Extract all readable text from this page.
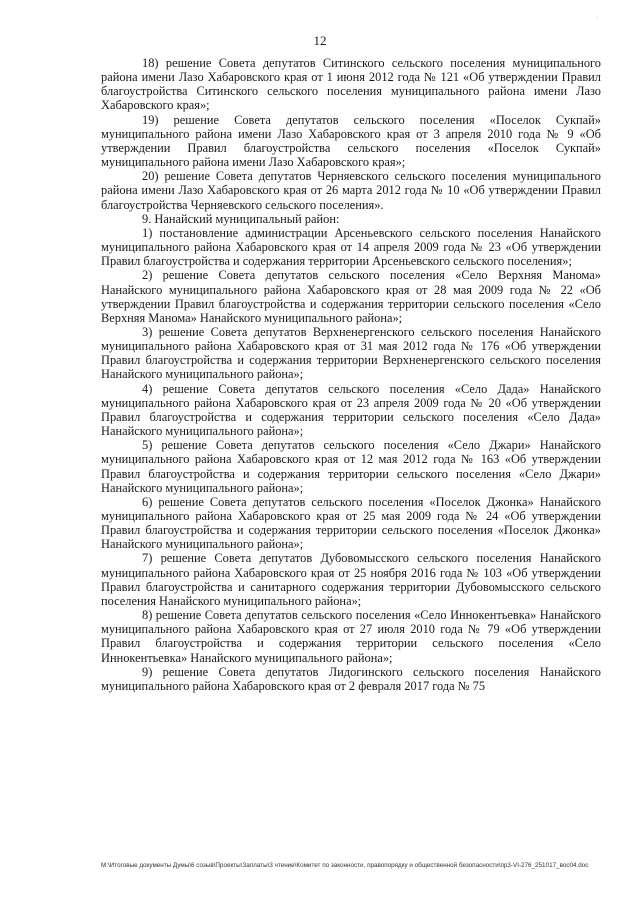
·
12

18) решение Совета депутатов Ситинского сельского поселения муниципального района имени Лазо Хабаровского края от 1 июня 2012 года № 121 «Об утверждении Правил благоустройства Ситинского сельского поселения муниципального района имени Лазо Хабаровского края»;

19) решение Совета депутатов сельского поселения «Поселок Сукпай» муниципального района имени Лазо Хабаровского края от 3 апреля 2010 года № 9 «Об утверждении Правил благоустройства сельского поселения «Поселок Сукпай» муниципального района имени Лазо Хабаровского края»;

20) решение Совета депутатов Черняевского сельского поселения муниципального района имени Лазо Хабаровского края от 26 марта 2012 года № 10 «Об утверждении Правил благоустройства Черняевского сельского поселения».

9. Нанайский муниципальный район:

1) постановление администрации Арсеньевского сельского поселения Нанайского муниципального района Хабаровского края от 14 апреля 2009 года № 23 «Об утверждении Правил благоустройства и содержания территории Арсеньевского сельского поселения»;

2) решение Совета депутатов сельского поселения «Село Верхняя Манома» Нанайского муниципального района Хабаровского края от 28 мая 2009 года № 22 «Об утверждении Правил благоустройства и содержания территории сельского поселения «Село Верхняя Манома» Нанайского муниципального района»;

3) решение Совета депутатов Верхненергенского сельского поселения Нанайского муниципального района Хабаровского края от 31 мая 2012 года № 176 «Об утверждении Правил благоустройства и содержания территории Верхненергенского сельского поселения Нанайского муниципального района»;

4) решение Совета депутатов сельского поселения «Село Дада» Нанайского муниципального района Хабаровского края от 23 апреля 2009 года № 20 «Об утверждении Правил благоустройства и содержания территории сельского поселения «Село Дада» Нанайского муниципального района»;

5) решение Совета депутатов сельского поселения «Село Джари» Нанайского муниципального района Хабаровского края от 12 мая 2012 года № 163 «Об утверждении Правил благоустройства и содержания территории сельского поселения «Село Джари» Нанайского муниципального района»;

6) решение Совета депутатов сельского поселения «Поселок Джонка» Нанайского муниципального района Хабаровского края от 25 мая 2009 года № 24 «Об утверждении Правил благоустройства и содержания территории сельского поселения «Поселок Джонка» Нанайского муниципального района»;

7) решение Совета депутатов Дубовомысского сельского поселения Нанайского муниципального района Хабаровского края от 25 ноября 2016 года № 103 «Об утверждении Правил благоустройства и санитарного содержания территории Дубовомысского сельского поселения Нанайского муниципального района»;

8) решение Совета депутатов сельского поселения «Село Иннокентьевка» Нанайского муниципального района Хабаровского края от 27 июля 2010 года № 79 «Об утверждении Правил благоустройства и содержания территории сельского поселения «Село Иннокентьевка» Нанайского муниципального района»;

9) решение Совета депутатов Лидогинского сельского поселения Нанайского муниципального района Хабаровского края от 2 февраля 2017 года № 75

M:\Итоговые документы Думы\6 созыв\Проекты\Заплаты\3 чтение\Комитет по законности, правопорядку и общественной безопасности\пр3-VI-276_251017_вос04.doc
